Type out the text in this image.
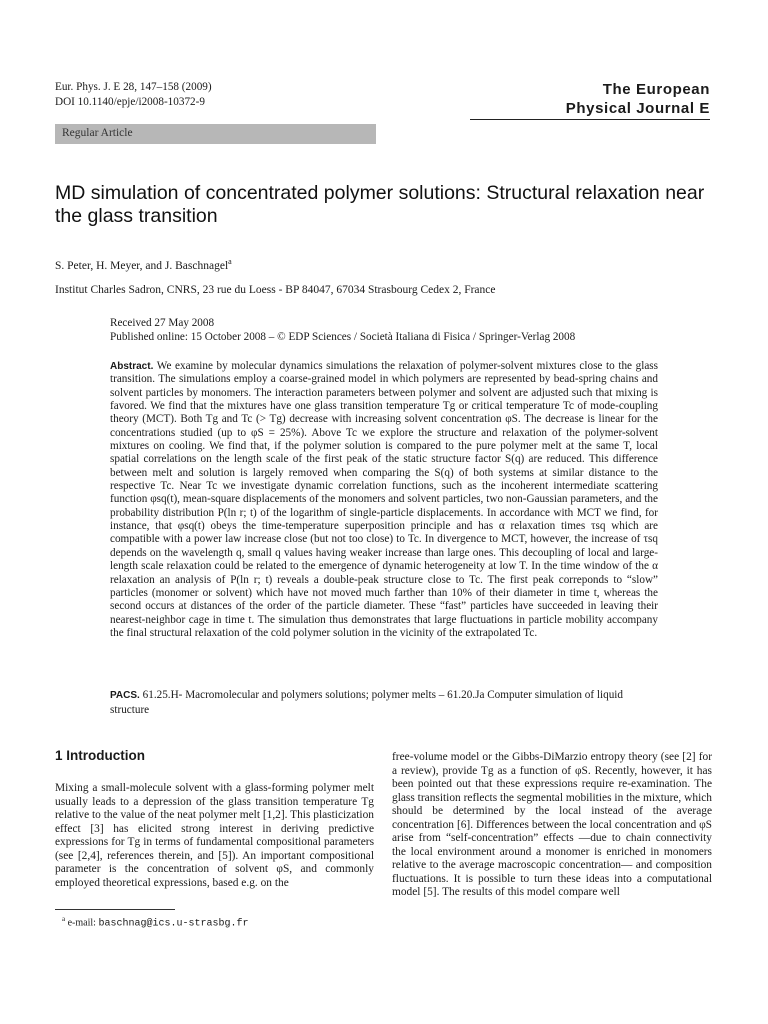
Eur. Phys. J. E 28, 147–158 (2009)
DOI 10.1140/epje/i2008-10372-9
The European
Physical Journal E
Regular Article
MD simulation of concentrated polymer solutions: Structural relaxation near the glass transition
S. Peter, H. Meyer, and J. Baschnagel$^a$
Institut Charles Sadron, CNRS, 23 rue du Loess - BP 84047, 67034 Strasbourg Cedex 2, France
Received 27 May 2008
Published online: 15 October 2008 – © EDP Sciences / Società Italiana di Fisica / Springer-Verlag 2008
Abstract. We examine by molecular dynamics simulations the relaxation of polymer-solvent mixtures close to the glass transition. The simulations employ a coarse-grained model in which polymers are represented by bead-spring chains and solvent particles by monomers. The interaction parameters between polymer and solvent are adjusted such that mixing is favored. We find that the mixtures have one glass transition temperature Tg or critical temperature Tc of mode-coupling theory (MCT). Both Tg and Tc (> Tg) decrease with increasing solvent concentration φS. The decrease is linear for the concentrations studied (up to φS = 25%). Above Tc we explore the structure and relaxation of the polymer-solvent mixtures on cooling. We find that, if the polymer solution is compared to the pure polymer melt at the same T, local spatial correlations on the length scale of the first peak of the static structure factor S(q) are reduced. This difference between melt and solution is largely removed when comparing the S(q) of both systems at similar distance to the respective Tc. Near Tc we investigate dynamic correlation functions, such as the incoherent intermediate scattering function φsq(t), mean-square displacements of the monomers and solvent particles, two non-Gaussian parameters, and the probability distribution P(ln r; t) of the logarithm of single-particle displacements. In accordance with MCT we find, for instance, that φsq(t) obeys the time-temperature superposition principle and has α relaxation times τsq which are compatible with a power law increase close (but not too close) to Tc. In divergence to MCT, however, the increase of τsq depends on the wavelength q, small q values having weaker increase than large ones. This decoupling of local and large-length scale relaxation could be related to the emergence of dynamic heterogeneity at low T. In the time window of the α relaxation an analysis of P(ln r; t) reveals a double-peak structure close to Tc. The first peak correponds to “slow” particles (monomer or solvent) which have not moved much farther than 10% of their diameter in time t, whereas the second occurs at distances of the order of the particle diameter. These “fast” particles have succeeded in leaving their nearest-neighbor cage in time t. The simulation thus demonstrates that large fluctuations in particle mobility accompany the final structural relaxation of the cold polymer solution in the vicinity of the extrapolated Tc.
PACS. 61.25.H- Macromolecular and polymers solutions; polymer melts – 61.20.Ja Computer simulation of liquid structure
1 Introduction
Mixing a small-molecule solvent with a glass-forming polymer melt usually leads to a depression of the glass transition temperature Tg relative to the value of the neat polymer melt [1,2]. This plasticization effect [3] has elicited strong interest in deriving predictive expressions for Tg in terms of fundamental compositional parameters (see [2,4], references therein, and [5]). An important compositional parameter is the concentration of solvent φS, and commonly employed theoretical expressions, based e.g. on the
free-volume model or the Gibbs-DiMarzio entropy theory (see [2] for a review), provide Tg as a function of φS. Recently, however, it has been pointed out that these expressions require re-examination. The glass transition reflects the segmental mobilities in the mixture, which should be determined by the local instead of the average concentration [6]. Differences between the local concentration and φS arise from “self-concentration” effects —due to chain connectivity the local environment around a monomer is enriched in monomers relative to the average macroscopic concentration— and composition fluctuations. It is possible to turn these ideas into a computational model [5]. The results of this model compare well
$^a$ e-mail: baschnag@ics.u-strasbg.fr
